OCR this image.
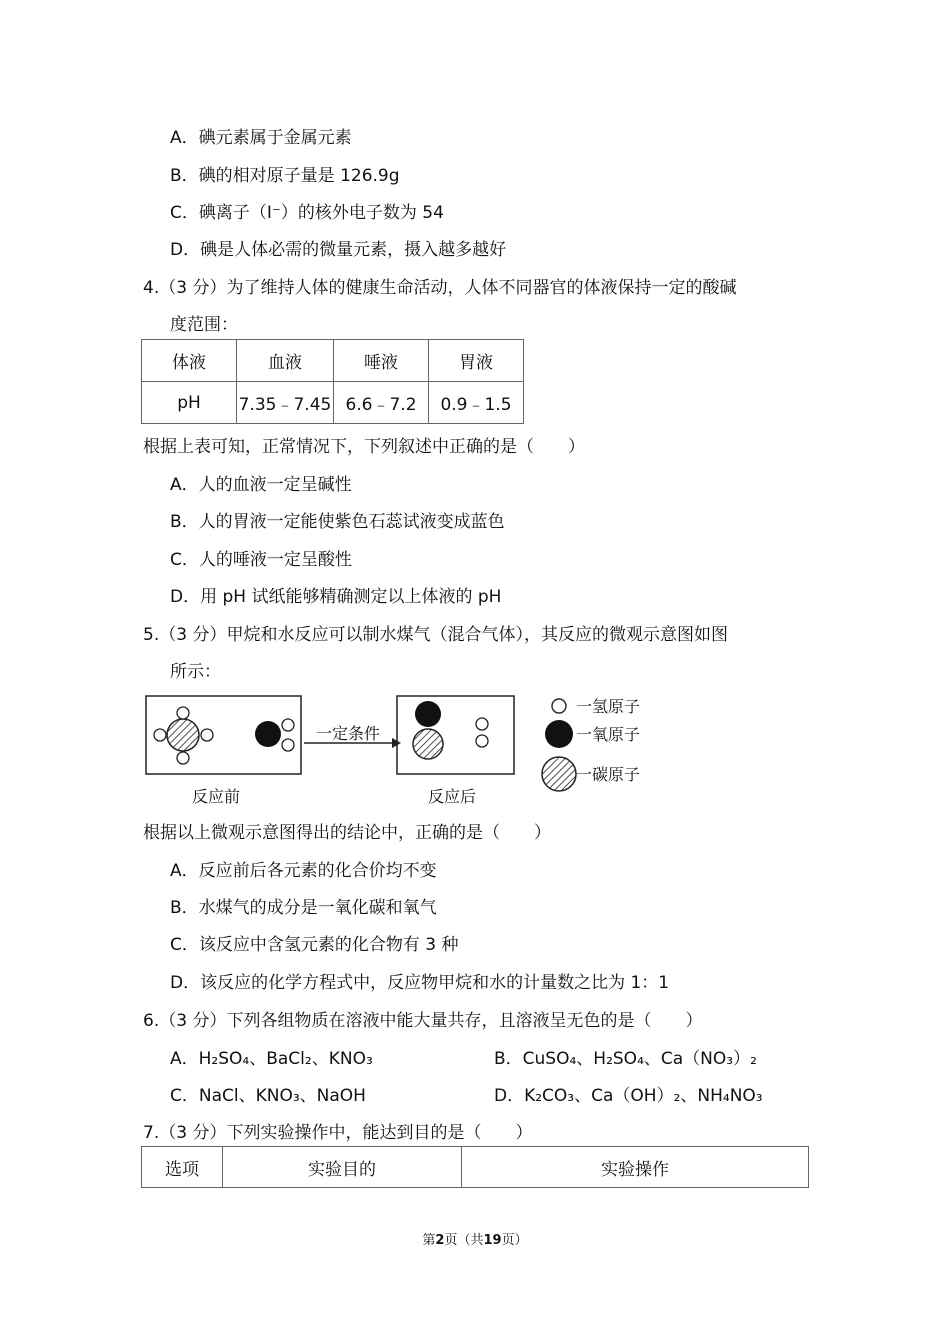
A．碘元素属于金属元素
B．碘的相对原子量是 126.9g
C．碘离子（I⁻）的核外电子数为 54
D．碘是人体必需的微量元素，摄入越多越好
4.（3 分）为了维持人体的健康生命活动，人体不同器官的体液保持一定的酸碱
度范围：
体液	血液	唾液	胃液
pH	7.35﹣7.45	6.6﹣7.2	0.9﹣1.5
根据上表可知，正常情况下，下列叙述中正确的是（　　）
A．人的血液一定呈碱性
B．人的胃液一定能使紫色石蕊试液变成蓝色
C．人的唾液一定呈酸性
D．用 pH 试纸能够精确测定以上体液的 pH
5.（3 分）甲烷和水反应可以制水煤气（混合气体），其反应的微观示意图如图
所示：
一定条件
反应前	反应后
一氢原子
一氧原子
一碳原子
根据以上微观示意图得出的结论中，正确的是（　　）
A．反应前后各元素的化合价均不变
B．水煤气的成分是一氧化碳和氧气
C．该反应中含氢元素的化合物有 3 种
D．该反应的化学方程式中，反应物甲烷和水的计量数之比为 1：1
6.（3 分）下列各组物质在溶液中能大量共存，且溶液呈无色的是（　　）
A．H₂SO₄、BaCl₂、KNO₃	B．CuSO₄、H₂SO₄、Ca（NO₃）₂
C．NaCl、KNO₃、NaOH	D．K₂CO₃、Ca（OH）₂、NH₄NO₃
7.（3 分）下列实验操作中，能达到目的是（　　）
选项	实验目的	实验操作
第2页（共19页）
